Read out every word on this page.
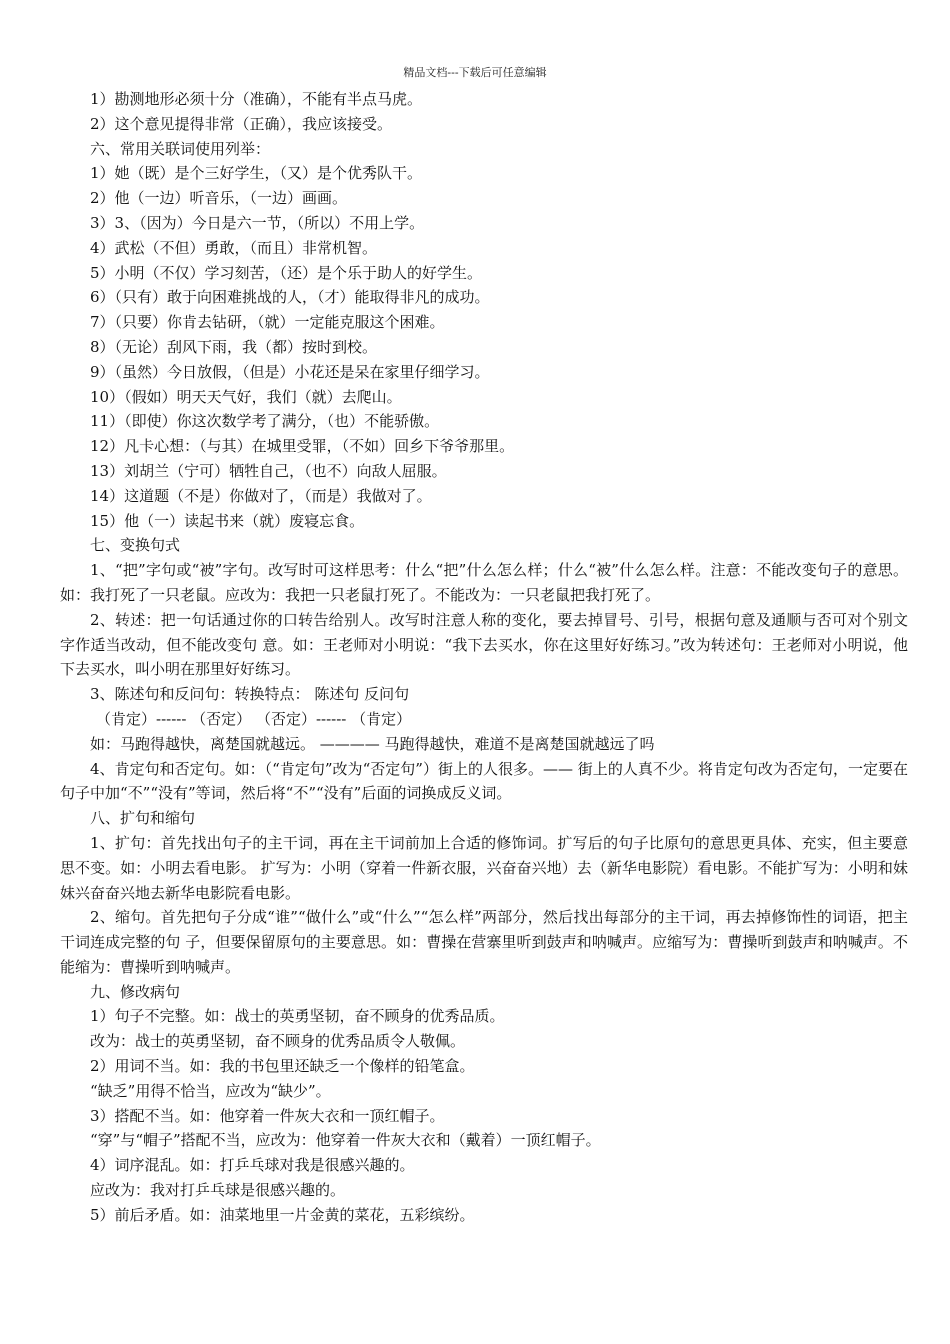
精品文档---下载后可任意编辑
1）勘测地形必须十分（准确），不能有半点马虎。
2）这个意见提得非常（正确），我应该接受。
六、常用关联词使用列举：
1）她（既）是个三好学生，（又）是个优秀队干。
2）他（一边）听音乐，（一边）画画。
3）3、（因为）今日是六一节，（所以）不用上学。
4）武松（不但）勇敢，（而且）非常机智。
5）小明（不仅）学习刻苦，（还）是个乐于助人的好学生。
6）（只有）敢于向困难挑战的人，（才）能取得非凡的成功。
7）（只要）你肯去钻研，（就）一定能克服这个困难。
8）（无论）刮风下雨，我（都）按时到校。
9）（虽然）今日放假，（但是）小花还是呆在家里仔细学习。
10）（假如）明天天气好，我们（就）去爬山。
11）（即使）你这次数学考了满分，（也）不能骄傲。
12）凡卡心想：（与其）在城里受罪，（不如）回乡下爷爷那里。
13）刘胡兰（宁可）牺牲自己，（也不）向敌人屈服。
14）这道题（不是）你做对了，（而是）我做对了。
15）他（一）读起书来（就）废寝忘食。
七、变换句式
1、“把”字句或“被”字句。改写时可这样思考：什么“把”什么怎么样；什么“被”什么怎么样。注意：不能改变句子的意思。如：我打死了一只老鼠。应改为：我把一只老鼠打死了。不能改为：一只老鼠把我打死了。
2、转述：把一句话通过你的口转告给别人。改写时注意人称的变化，要去掉冒号、引号，根据句意及通顺与否可对个别文字作适当改动，但不能改变句 意。如：王老师对小明说：“我下去买水，你在这里好好练习。”改为转述句：王老师对小明说，他下去买水，叫小明在那里好好练习。
3、陈述句和反问句：转换特点： 陈述句 反问句
（肯定）------ （否定） （否定）------ （肯定）
如：马跑得越快，离楚国就越远。 ———— 马跑得越快，难道不是离楚国就越远了吗
4、肯定句和否定句。如：（“肯定句”改为“否定句”）街上的人很多。—— 街上的人真不少。将肯定句改为否定句，一定要在句子中加“不”“没有”等词，然后将“不”“没有”后面的词换成反义词。
八、扩句和缩句
1、扩句：首先找出句子的主干词，再在主干词前加上合适的修饰词。扩写后的句子比原句的意思更具体、充实，但主要意思不变。如：小明去看电影。 扩写为：小明（穿着一件新衣服，兴奋奋兴地）去（新华电影院）看电影。不能扩写为：小明和妹妹兴奋奋兴地去新华电影院看电影。
2、缩句。首先把句子分成“谁”“做什么”或“什么”“怎么样”两部分，然后找出每部分的主干词，再去掉修饰性的词语，把主干词连成完整的句 子，但要保留原句的主要意思。如：曹操在营寨里听到鼓声和呐喊声。应缩写为：曹操听到鼓声和呐喊声。不能缩为：曹操听到呐喊声。
九、修改病句
1）句子不完整。如：战士的英勇坚韧，奋不顾身的优秀品质。
改为：战士的英勇坚韧，奋不顾身的优秀品质令人敬佩。
2）用词不当。如：我的书包里还缺乏一个像样的铅笔盒。
“缺乏”用得不恰当，应改为“缺少”。
3）搭配不当。如：他穿着一件灰大衣和一顶红帽子。
“穿”与“帽子”搭配不当，应改为：他穿着一件灰大衣和（戴着）一顶红帽子。
4）词序混乱。如：打乒乓球对我是很感兴趣的。
应改为：我对打乒乓球是很感兴趣的。
5）前后矛盾。如：油菜地里一片金黄的菜花，五彩缤纷。
